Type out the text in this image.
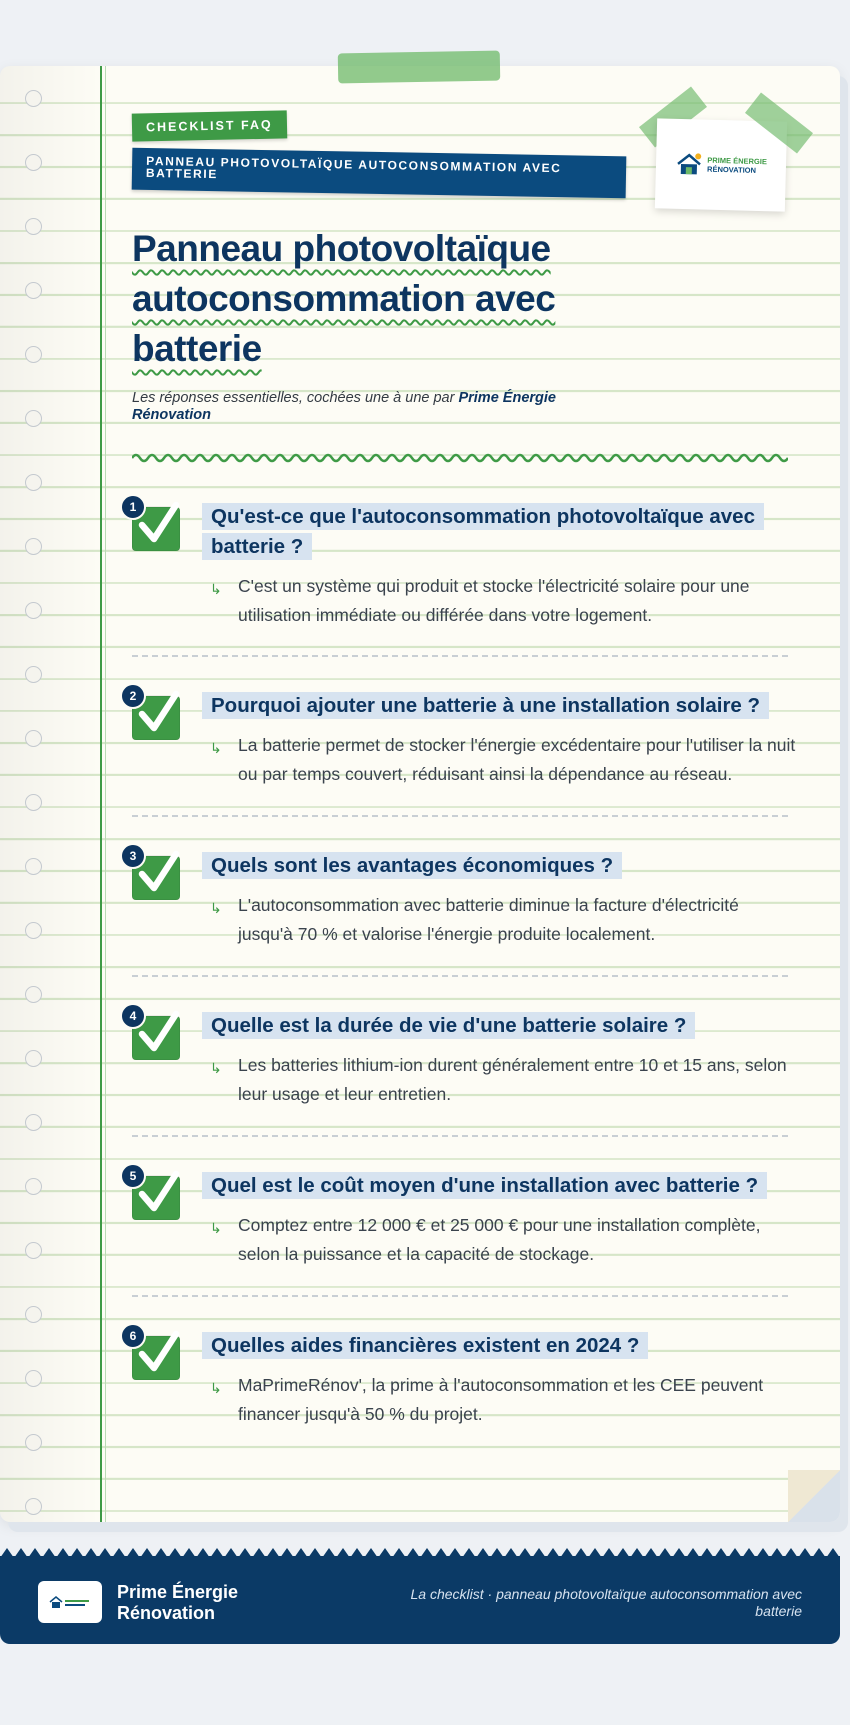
PRIME ÉNERGIE
RÉNOVATION
CHECKLIST FAQ
PANNEAU PHOTOVOLTAÏQUE AUTOCONSOMMATION AVEC BATTERIE
Panneau photovoltaïque
autoconsommation avec
batterie

Les réponses essentielles, cochées une à une par Prime Énergie Rénovation

1	Qu'est-ce que l'autoconsommation photovoltaïque avec batterie ?
↳ C'est un système qui produit et stocke l'électricité solaire pour une utilisation immédiate ou différée dans votre logement.
2	Pourquoi ajouter une batterie à une installation solaire ?
↳ La batterie permet de stocker l'énergie excédentaire pour l'utiliser la nuit ou par temps couvert, réduisant ainsi la dépendance au réseau.
3	Quels sont les avantages économiques ?
↳ L'autoconsommation avec batterie diminue la facture d'électricité jusqu'à 70 % et valorise l'énergie produite localement.
4	Quelle est la durée de vie d'une batterie solaire ?
↳ Les batteries lithium-ion durent généralement entre 10 et 15 ans, selon leur usage et leur entretien.
5	Quel est le coût moyen d'une installation avec batterie ?
↳ Comptez entre 12 000 € et 25 000 € pour une installation complète, selon la puissance et la capacité de stockage.
6	Quelles aides financières existent en 2024 ?
↳ MaPrimeRénov', la prime à l'autoconsommation et les CEE peuvent financer jusqu'à 50 % du projet.
Prime Énergie Rénovation
La checklist · panneau photovoltaïque autoconsommation avec batterie
